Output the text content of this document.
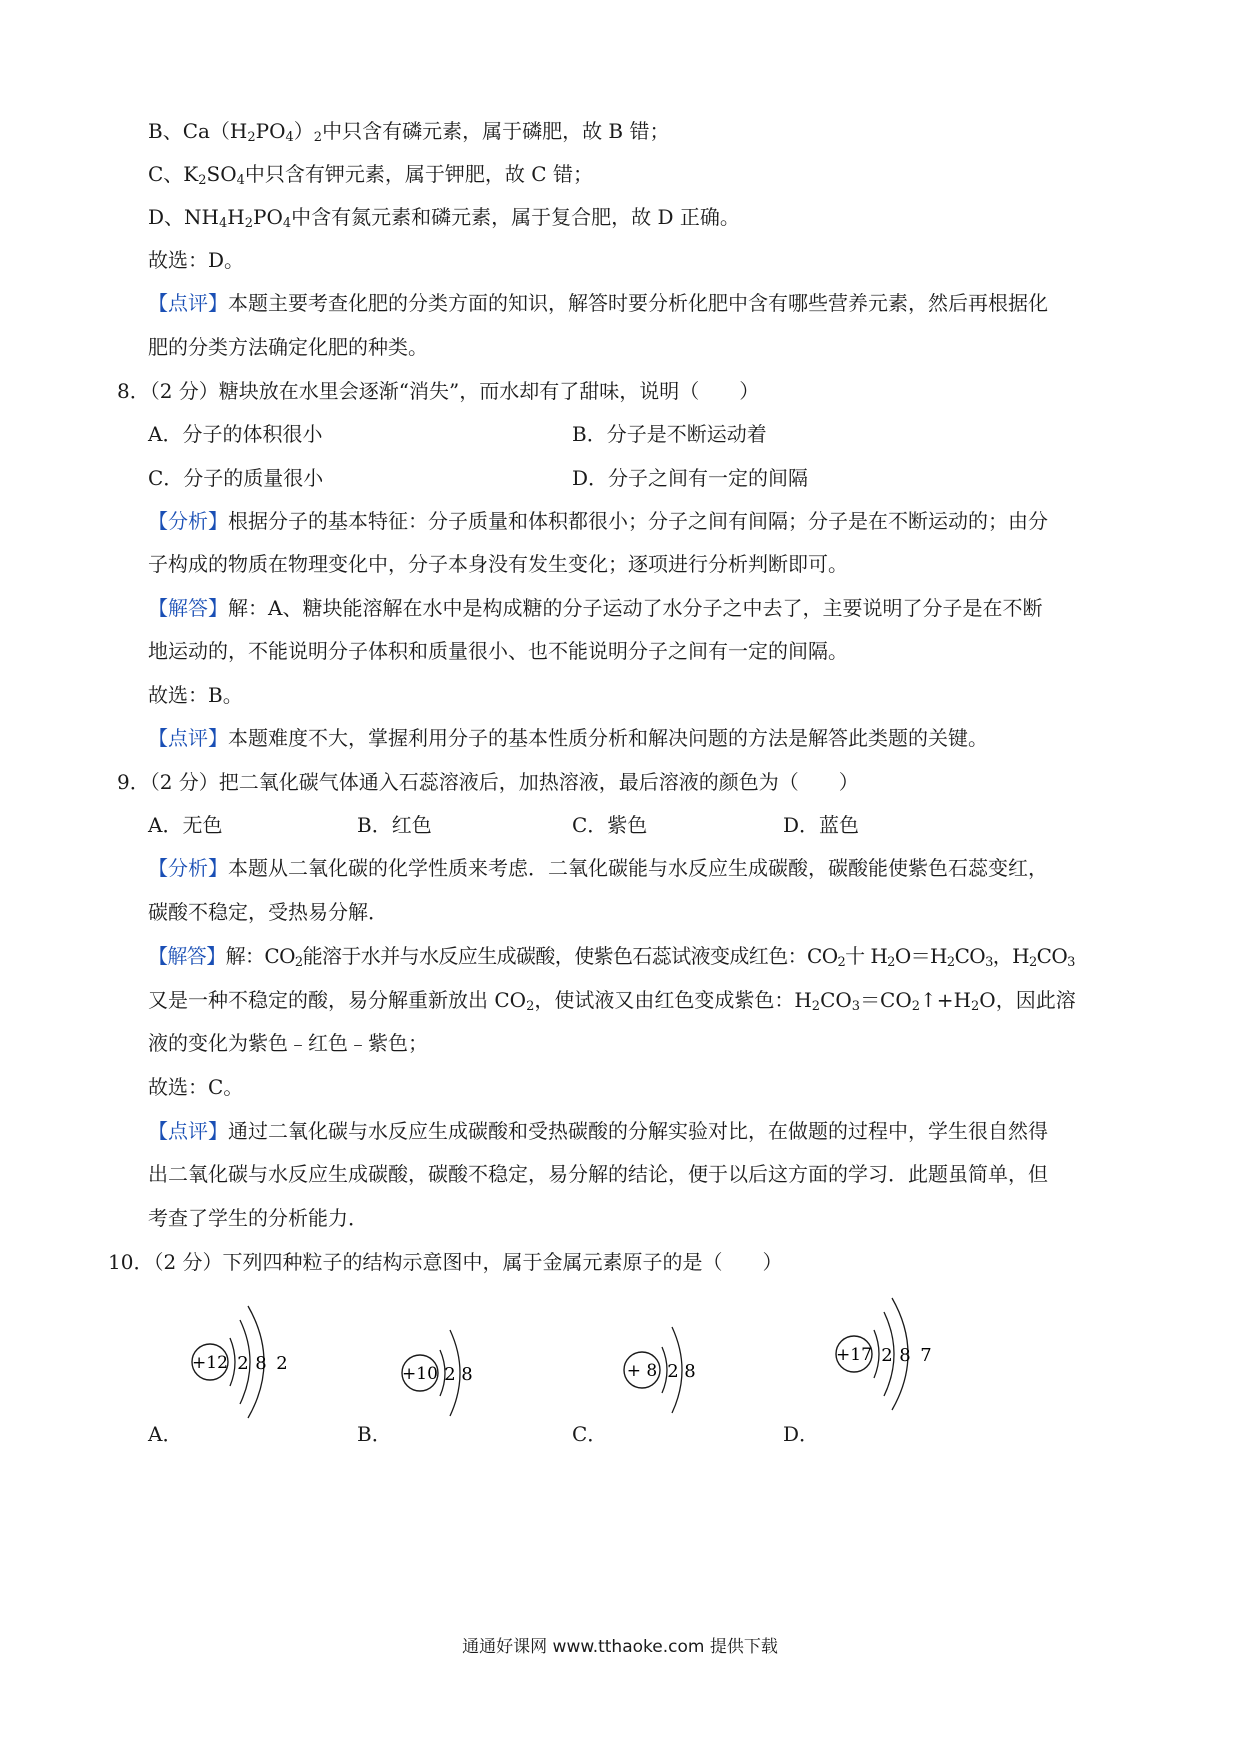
B、$Ca(H_2PO_4)_2$中只含有磷元素，属于磷肥，故 B 错；
C、$K_2SO_4$中只含有钾元素，属于钾肥，故 C 错；
D、$NH_4H_2PO_4$中含有氮元素和磷元素，属于复合肥，故 D 正确。
故选：D。
【点评】本题主要考查化肥的分类方面的知识，解答时要分析化肥中含有哪些营养元素，然后再根据化
肥的分类方法确定化肥的种类。
8．（2 分）糖块放在水里会逐渐“消失”，而水却有了甜味，说明（　　）
A．分子的体积很小	B．分子是不断运动着
C．分子的质量很小	D．分子之间有一定的间隔
【分析】根据分子的基本特征：分子质量和体积都很小；分子之间有间隔；分子是在不断运动的；由分
子构成的物质在物理变化中，分子本身没有发生变化；逐项进行分析判断即可。
【解答】解：A、糖块能溶解在水中是构成糖的分子运动了水分子之中去了，主要说明了分子是在不断
地运动的，不能说明分子体积和质量很小、也不能说明分子之间有一定的间隔。
故选：B。
【点评】本题难度不大，掌握利用分子的基本性质分析和解决问题的方法是解答此类题的关键。
9．（2 分）把二氧化碳气体通入石蕊溶液后，加热溶液，最后溶液的颜色为（　　）
A．无色	B．红色	C．紫色	D．蓝色
【分析】本题从二氧化碳的化学性质来考虑．二氧化碳能与水反应生成碳酸，碳酸能使紫色石蕊变红，
碳酸不稳定，受热易分解．
【解答】解：$CO_2$能溶于水并与水反应生成碳酸，使紫色石蕊试液变成红色：$CO_2$十 $H_2O=H_2CO_3$，$H_2CO_3$
又是一种不稳定的酸，易分解重新放出 $CO_2$，使试液又由红色变成紫色：$H_2CO_3=CO_2↑+H_2O$，因此溶
液的变化为紫色﹣红色﹣紫色；
故选：C。
【点评】通过二氧化碳与水反应生成碳酸和受热碳酸的分解实验对比，在做题的过程中，学生很自然得
出二氧化碳与水反应生成碳酸，碳酸不稳定，易分解的结论，便于以后这方面的学习．此题虽简单，但
考查了学生的分析能力．
10．（2 分）下列四种粒子的结构示意图中，属于金属元素原子的是（　　）
+12 2 8 2
A．
+10 2 8
B．
+ 8 2 8
C．
+17 2 8 7
D．
通通好课网 www.tthaoke.com 提供下载
